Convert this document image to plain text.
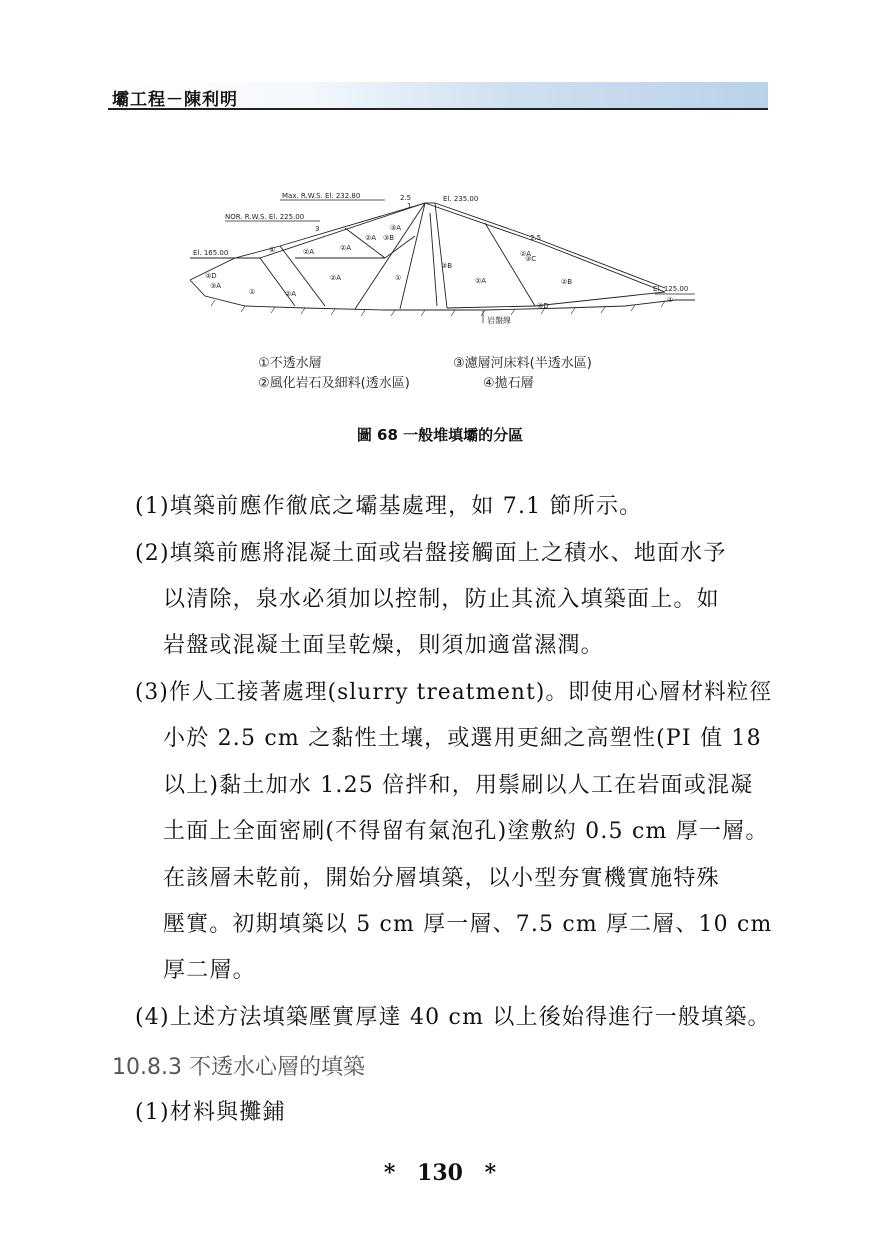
壩工程－陳利明
Max. R.W.S. El. 232.80
NOR. R.W.S. El. 225.00
El. 235.00
El. 165.00
El. 125.00
2.5
1
2.5
3
岩盤線
①
①
②A
②A
②A	②A
②A
②A
②A
②B
③B
③B
③A
③C
③A
③D
③D
④
④
①不透水層	③濾層河床料(半透水區)
②風化岩石及細料(透水區)	④拋石層
圖 68 一般堆填壩的分區
(1)填築前應作徹底之壩基處理，如 7.1 節所示。
(2)填築前應將混凝土面或岩盤接觸面上之積水、地面水予
以清除，泉水必須加以控制，防止其流入填築面上。如
岩盤或混凝土面呈乾燥，則須加適當濕潤。
(3)作人工接著處理(slurry treatment)。即使用心層材料粒徑
小於 2.5 cm 之黏性土壤，或選用更細之高塑性(PI 值 18
以上)黏土加水 1.25 倍拌和，用鬃刷以人工在岩面或混凝
土面上全面密刷(不得留有氣泡孔)塗敷約 0.5 cm 厚一層。
在該層未乾前，開始分層填築，以小型夯實機實施特殊
壓實。初期填築以 5 cm 厚一層、7.5 cm 厚二層、10 cm
厚二層。
(4)上述方法填築壓實厚達 40 cm 以上後始得進行一般填築。
10.8.3 不透水心層的填築
(1)材料與攤鋪
* 130 *
